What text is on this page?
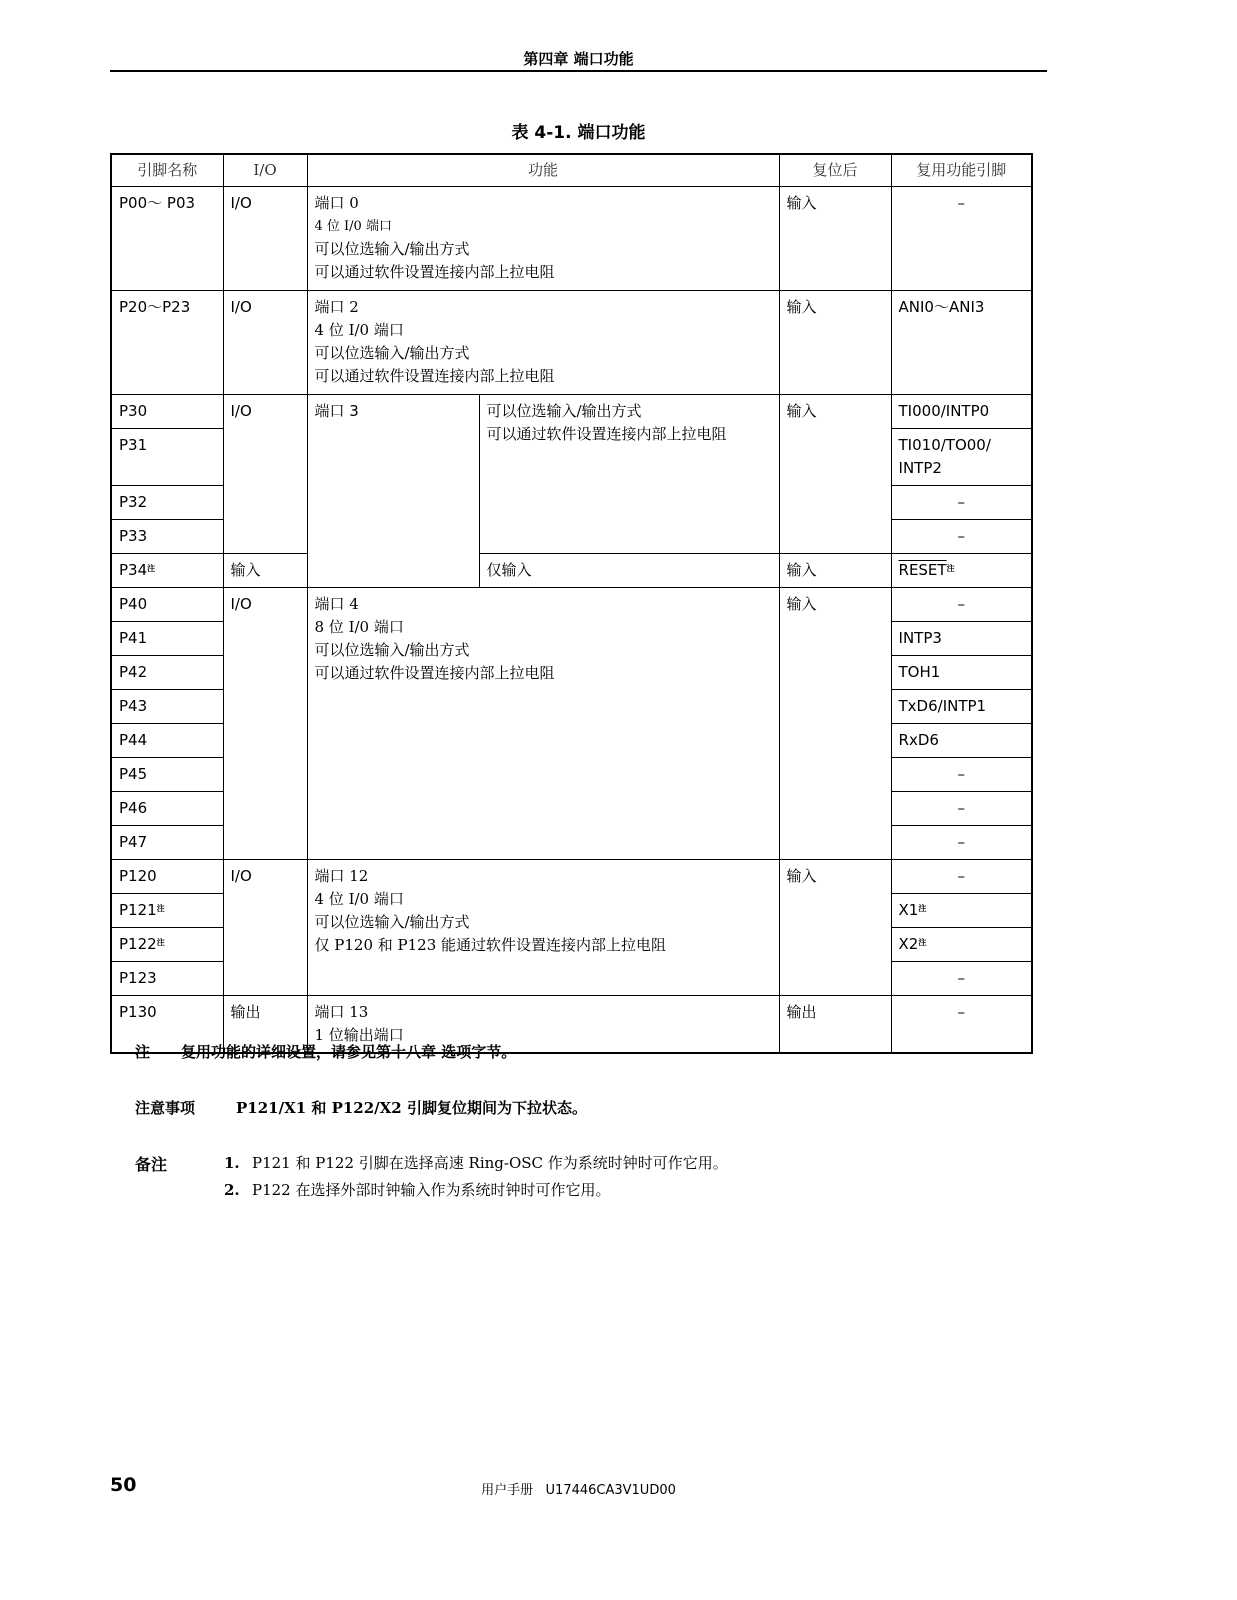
第四章 端口功能
表 4-1. 端口功能
引脚名称	I/O	功能		复位后	复用功能引脚
P00～ P03	I/O	端口 0
4 位 I/0 端口
可以位选输入/输出方式
可以通过软件设置连接内部上拉电阻		输入	–
P20～P23	I/O	端口 2
4 位 I/0 端口
可以位选输入/输出方式
可以通过软件设置连接内部上拉电阻		输入	ANI0～ANI3
P30	I/O	端口 3	可以位选输入/输出方式
可以通过软件设置连接内部上拉电阻	输入	TI000/INTP0
P31					TI010/TO00/ INTP2
P32					–
P33					–
P34$^注$	输入		仅输入	输入	RESET$^注$
P40	I/O	端口 4
8 位 I/0 端口
可以位选输入/输出方式
可以通过软件设置连接内部上拉电阻		输入	–
P41					INTP3
P42					TOH1
P43					TxD6/INTP1
P44					RxD6
P45					–
P46					–
P47					–
P120	I/O	端口 12
4 位 I/0 端口
可以位选输入/输出方式
仅 P120 和 P123 能通过软件设置连接内部上拉电阻		输入	–
P121$^注$					X1$^注$
P122$^注$					X2$^注$
P123					–
P130	输出	端口 13
1 位输出端口		输出	–
注 复用功能的详细设置，请参见第十八章 选项字节。
注意事项	P121/X1 和 P122/X2 引脚复位期间为下拉状态。
备注	1. P121 和 P122 引脚在选择高速 Ring-OSC 作为系统时钟时可作它用。
2. P122 在选择外部时钟输入作为系统时钟时可作它用。
50	用户手册 U17446CA3V1UD00
